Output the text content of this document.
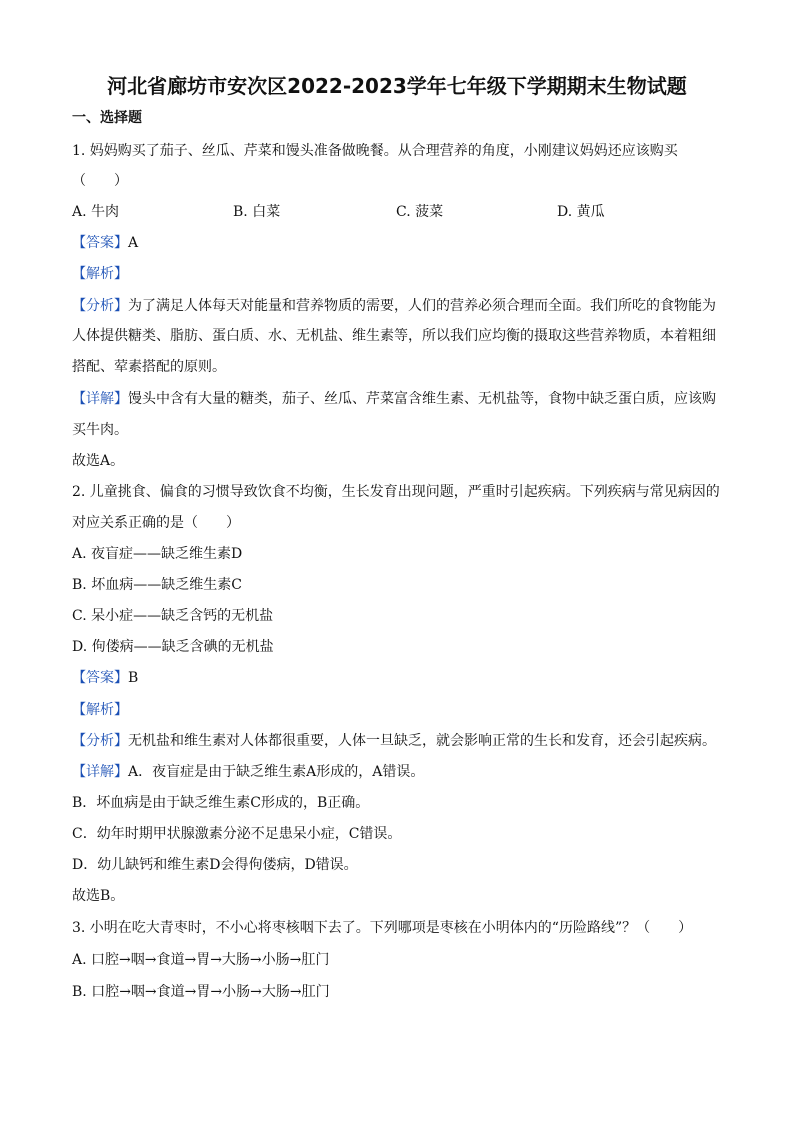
河北省廊坊市安次区2022-2023学年七年级下学期期末生物试题
一、选择题
1. 妈妈购买了茄子、丝瓜、芹菜和馒头准备做晚餐。从合理营养的角度，小刚建议妈妈还应该购买
（　　）
A. 牛肉	B. 白菜	C. 菠菜	D. 黄瓜
【答案】A
【解析】
【分析】为了满足人体每天对能量和营养物质的需要，人们的营养必须合理而全面。我们所吃的食物能为
人体提供糖类、脂肪、蛋白质、水、无机盐、维生素等，所以我们应均衡的摄取这些营养物质，本着粗细
搭配、荤素搭配的原则。
【详解】馒头中含有大量的糖类，茄子、丝瓜、芹菜富含维生素、无机盐等，食物中缺乏蛋白质，应该购
买牛肉。
故选A。
2. 儿童挑食、偏食的习惯导致饮食不均衡，生长发育出现问题，严重时引起疾病。下列疾病与常见病因的
对应关系正确的是（　　）
A. 夜盲症——缺乏维生素D
B. 坏血病——缺乏维生素C
C. 呆小症——缺乏含钙的无机盐
D. 佝偻病——缺乏含碘的无机盐
【答案】B
【解析】
【分析】无机盐和维生素对人体都很重要，人体一旦缺乏，就会影响正常的生长和发育，还会引起疾病。
【详解】A．夜盲症是由于缺乏维生素A形成的，A错误。
B．坏血病是由于缺乏维生素C形成的，B正确。
C．幼年时期甲状腺激素分泌不足患呆小症，C错误。
D．幼儿缺钙和维生素D会得佝偻病，D错误。
故选B。
3. 小明在吃大青枣时，不小心将枣核咽下去了。下列哪项是枣核在小明体内的“历险路线”？（　　）
A. 口腔→咽→食道→胃→大肠→小肠→肛门
B. 口腔→咽→食道→胃→小肠→大肠→肛门
